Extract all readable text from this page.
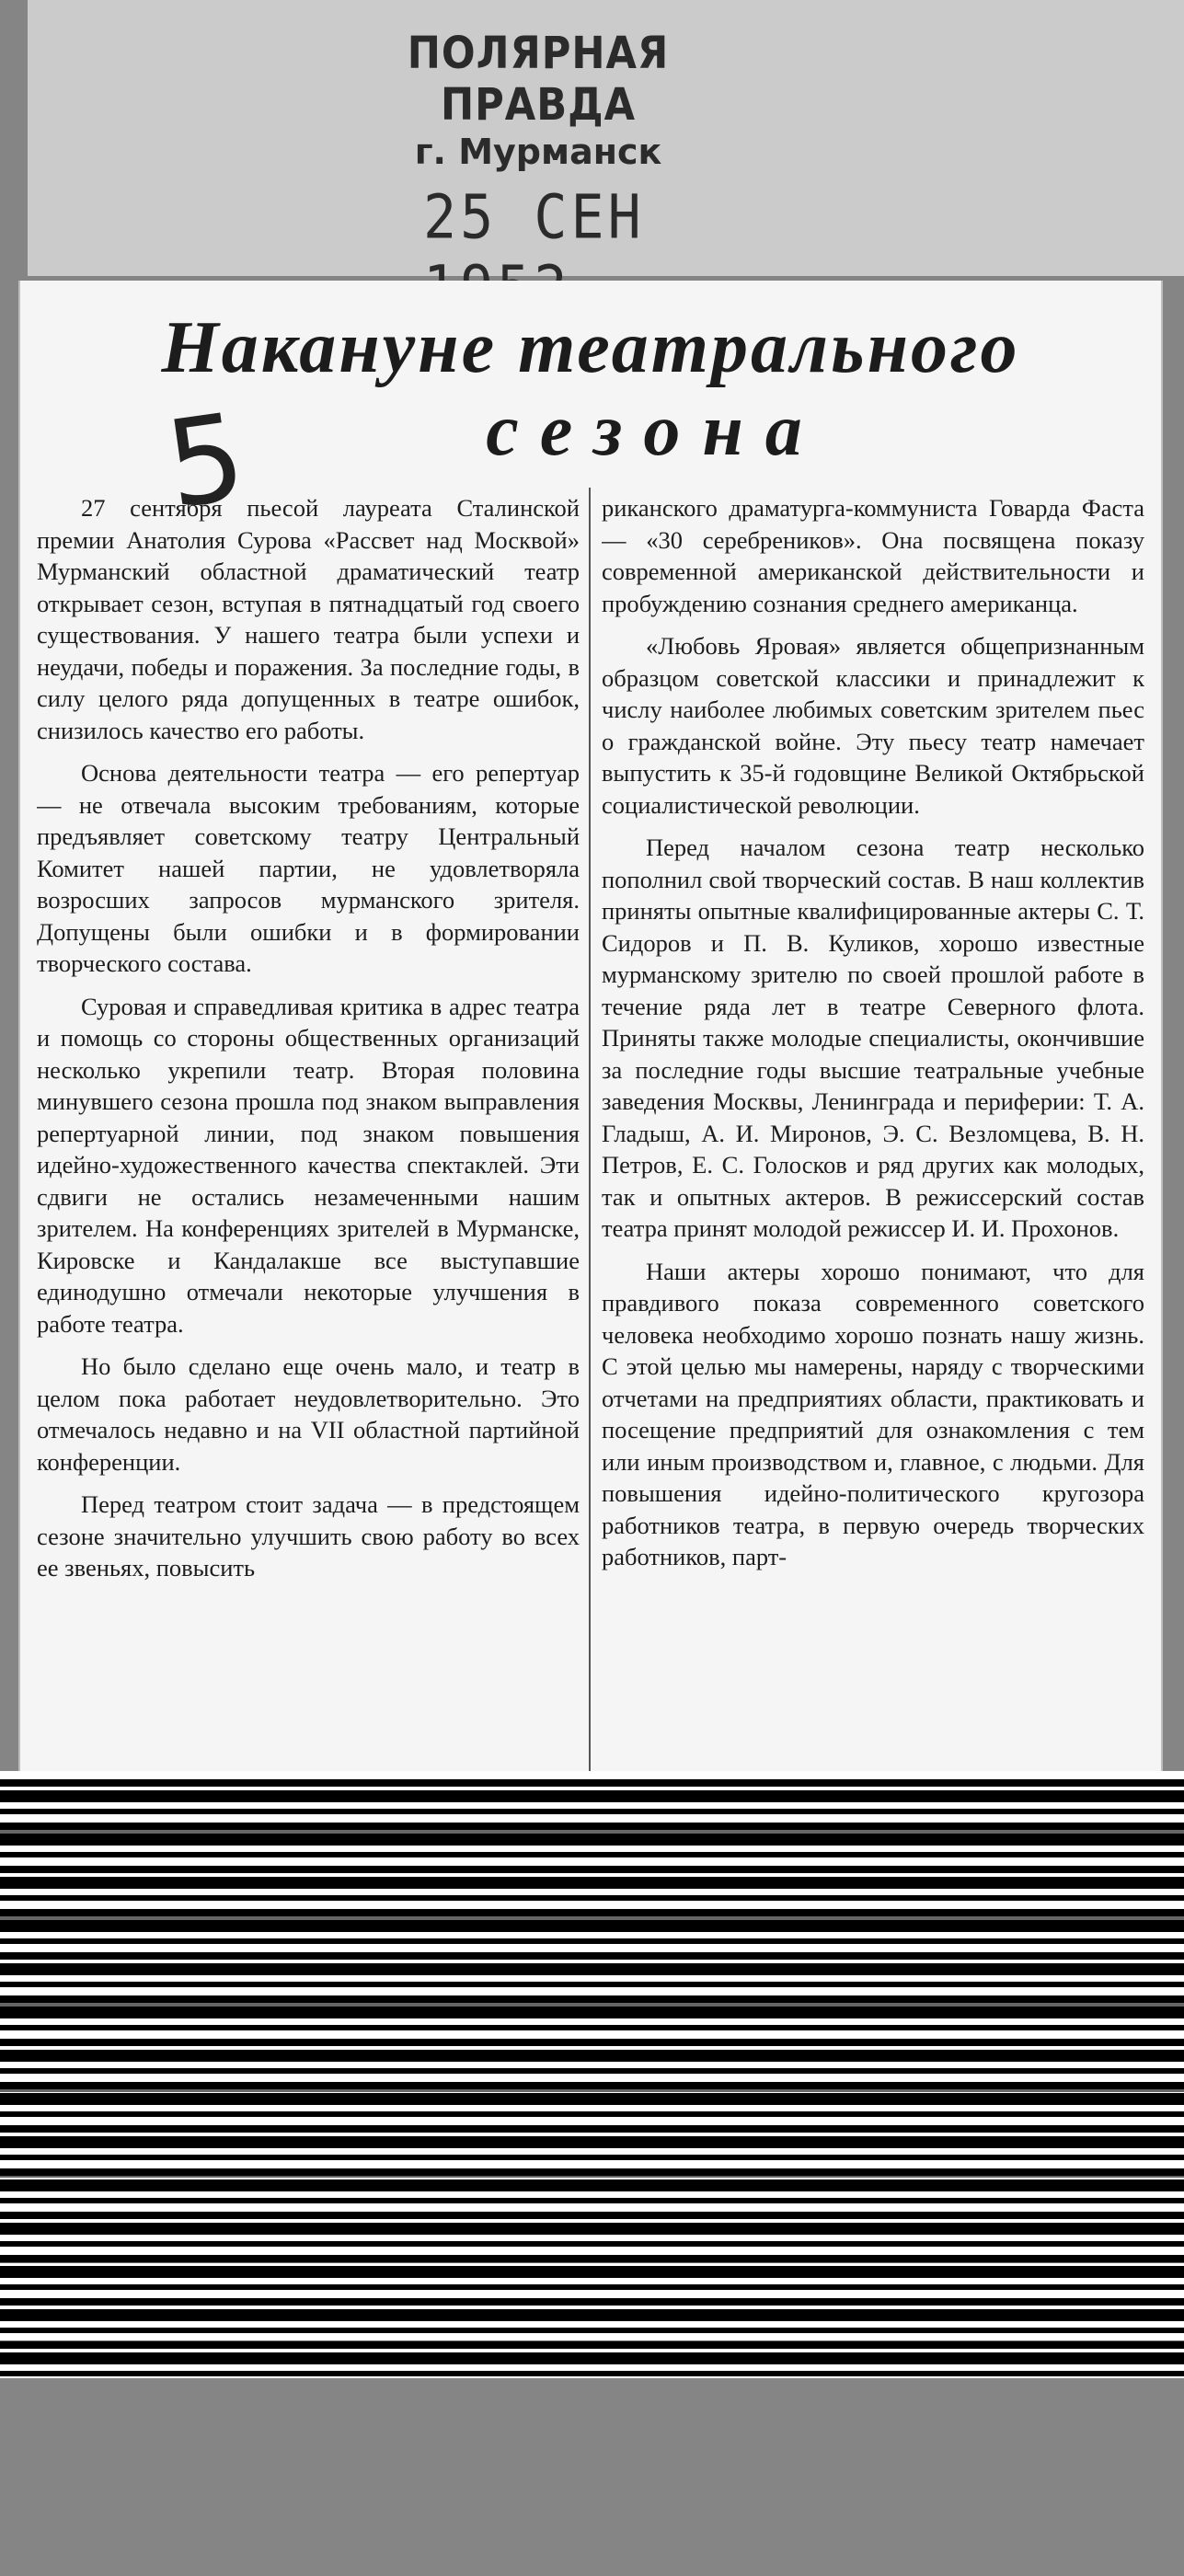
ПОЛЯРНАЯ ПРАВДА
г. Мурманск
25 СЕН
Накануне театрального
сезона
5

27 сентября пьесой лауреата Сталинской премии Анатолия Сурова «Рассвет над Москвой» Мурманский областной драматический театр открывает сезон, вступая в пятнадцатый год своего существования. У нашего театра были успехи и неудачи, победы и поражения. За последние годы, в силу целого ряда допущенных в театре ошибок, снизилось качество его работы.

Основа деятельности театра — его репертуар — не отвечала высоким требованиям, которые предъявляет советскому театру Центральный Комитет нашей партии, не удовлетворяла возросших запросов мурманского зрителя. Допущены были ошибки и в формировании творческого состава.

Суровая и справедливая критика в адрес театра и помощь со стороны общественных организаций несколько укрепили театр. Вторая половина минувшего сезона прошла под знаком выправления репертуарной линии, под знаком повышения идейно-художественного качества спектаклей. Эти сдвиги не остались незамеченными нашим зрителем. На конференциях зрителей в Мурманске, Кировске и Кандалакше все выступавшие единодушно отмечали некоторые улучшения в работе театра.

Но было сделано еще очень мало, и театр в целом пока работает неудовлетворительно. Это отмечалось недавно и на VII областной партийной конференции.

Перед театром стоит задача — в предстоящем сезоне значительно улучшить свою работу во всех ее звеньях, повысить

риканского драматурга-коммуниста Говарда Фаста — «30 серебреников». Она посвящена показу современной американской действительности и пробуждению сознания среднего американца.

«Любовь Яровая» является общепризнанным образцом советской классики и принадлежит к числу наиболее любимых советским зрителем пьес о гражданской войне. Эту пьесу театр намечает выпустить к 35-й годовщине Великой Октябрьской социалистической революции.

Перед началом сезона театр несколько пополнил свой творческий состав. В наш коллектив приняты опытные квалифицированные актеры С. Т. Сидоров и П. В. Куликов, хорошо известные мурманскому зрителю по своей прошлой работе в течение ряда лет в театре Северного флота. Приняты также молодые специалисты, окончившие за последние годы высшие театральные учебные заведения Москвы, Ленинграда и периферии: Т. А. Гладыш, А. И. Миронов, Э. С. Везломцева, В. Н. Петров, Е. С. Голосков и ряд других как молодых, так и опытных актеров. В режиссерский состав театра принят молодой режиссер И. И. Прохонов.

Наши актеры хорошо понимают, что для правдивого показа современного советского человека необходимо хорошо познать нашу жизнь. С этой целью мы намерены, наряду с творческими отчетами на предприятиях области, практиковать и посещение предприятий для ознакомления с тем или иным производством и, главное, с людьми. Для повышения идейно-политического кругозора работников театра, в первую очередь творческих работников, парт-
